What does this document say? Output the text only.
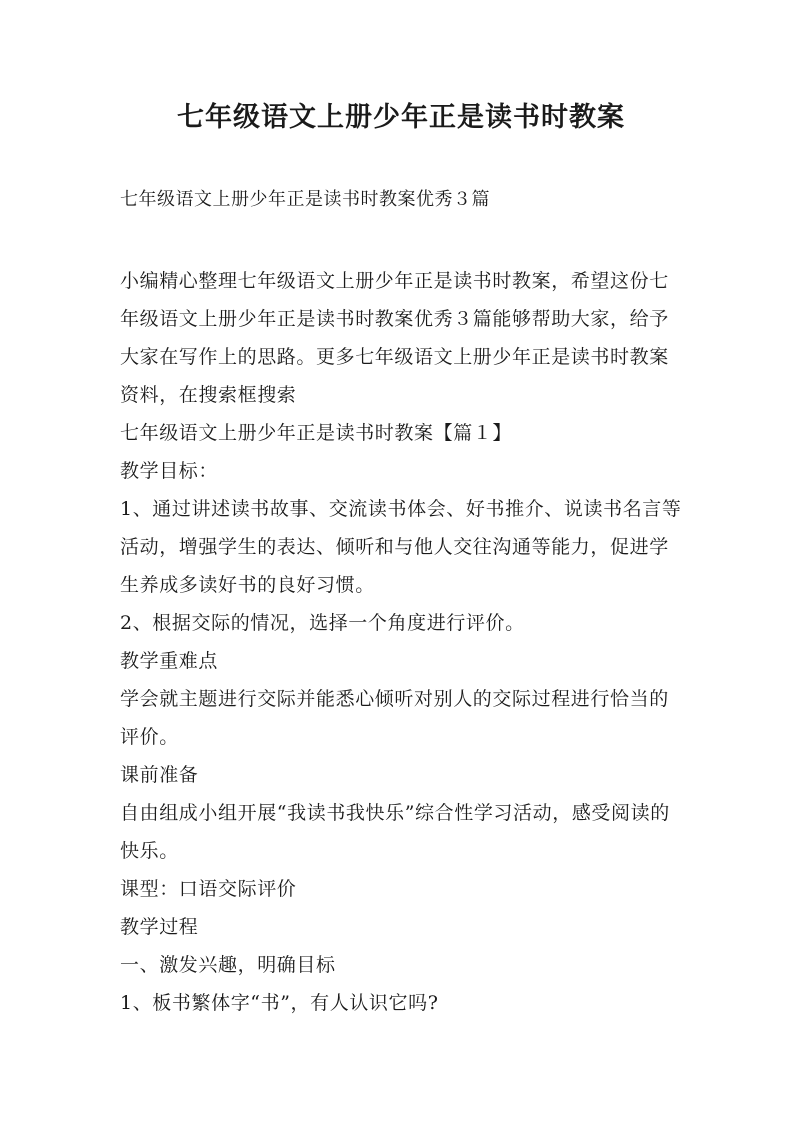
七年级语文上册少年正是读书时教案

七年级语文上册少年正是读书时教案优秀３篇

小编精心整理七年级语文上册少年正是读书时教案，希望这份七年级语文上册少年正是读书时教案优秀３篇能够帮助大家，给予大家在写作上的思路。更多七年级语文上册少年正是读书时教案资料，在搜索框搜索

七年级语文上册少年正是读书时教案【篇１】

教学目标：

1、通过讲述读书故事、交流读书体会、好书推介、说读书名言等活动，增强学生的表达、倾听和与他人交往沟通等能力，促进学生养成多读好书的良好习惯。

2、根据交际的情况，选择一个角度进行评价。

教学重难点

学会就主题进行交际并能悉心倾听对别人的交际过程进行恰当的评价。

课前准备

自由组成小组开展“我读书我快乐”综合性学习活动，感受阅读的快乐。

课型：口语交际评价

教学过程

一、激发兴趣，明确目标

1、板书繁体字“书”，有人认识它吗?
